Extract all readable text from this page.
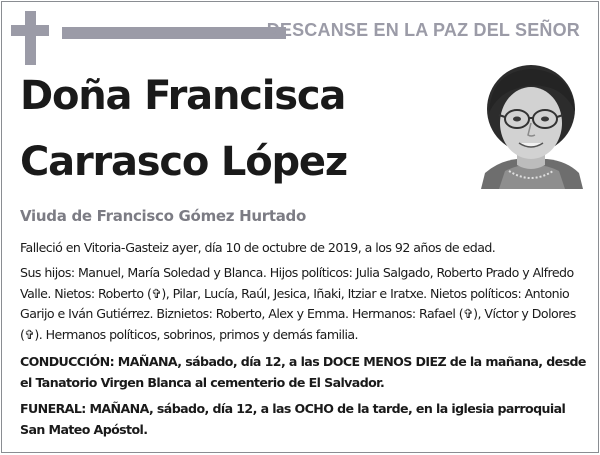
DESCANSE EN LA PAZ DEL SEÑOR
Doña Francisca
Carrasco López
Viuda de Francisco Gómez Hurtado

Falleció en Vitoria-Gasteiz ayer, día 10 de octubre de 2019, a los 92 años de edad.

Sus hijos: Manuel, María Soledad y Blanca. Hijos políticos: Julia Salgado, Roberto Prado y Alfredo Valle. Nietos: Roberto (✞), Pilar, Lucía, Raúl, Jesica, Iñaki, Itziar e Iratxe. Nietos políticos: Antonio Garijo e Iván Gutiérrez. Biznietos: Roberto, Alex y Emma. Hermanos: Rafael (✞), Víctor y Dolores (✞). Hermanos políticos, sobrinos, primos y demás familia.

CONDUCCIÓN: MAÑANA, sábado, día 12, a las DOCE MENOS DIEZ de la mañana, desde el Tanatorio Virgen Blanca al cementerio de El Salvador.

FUNERAL: MAÑANA, sábado, día 12, a las OCHO de la tarde, en la iglesia parroquial San Mateo Apóstol.
